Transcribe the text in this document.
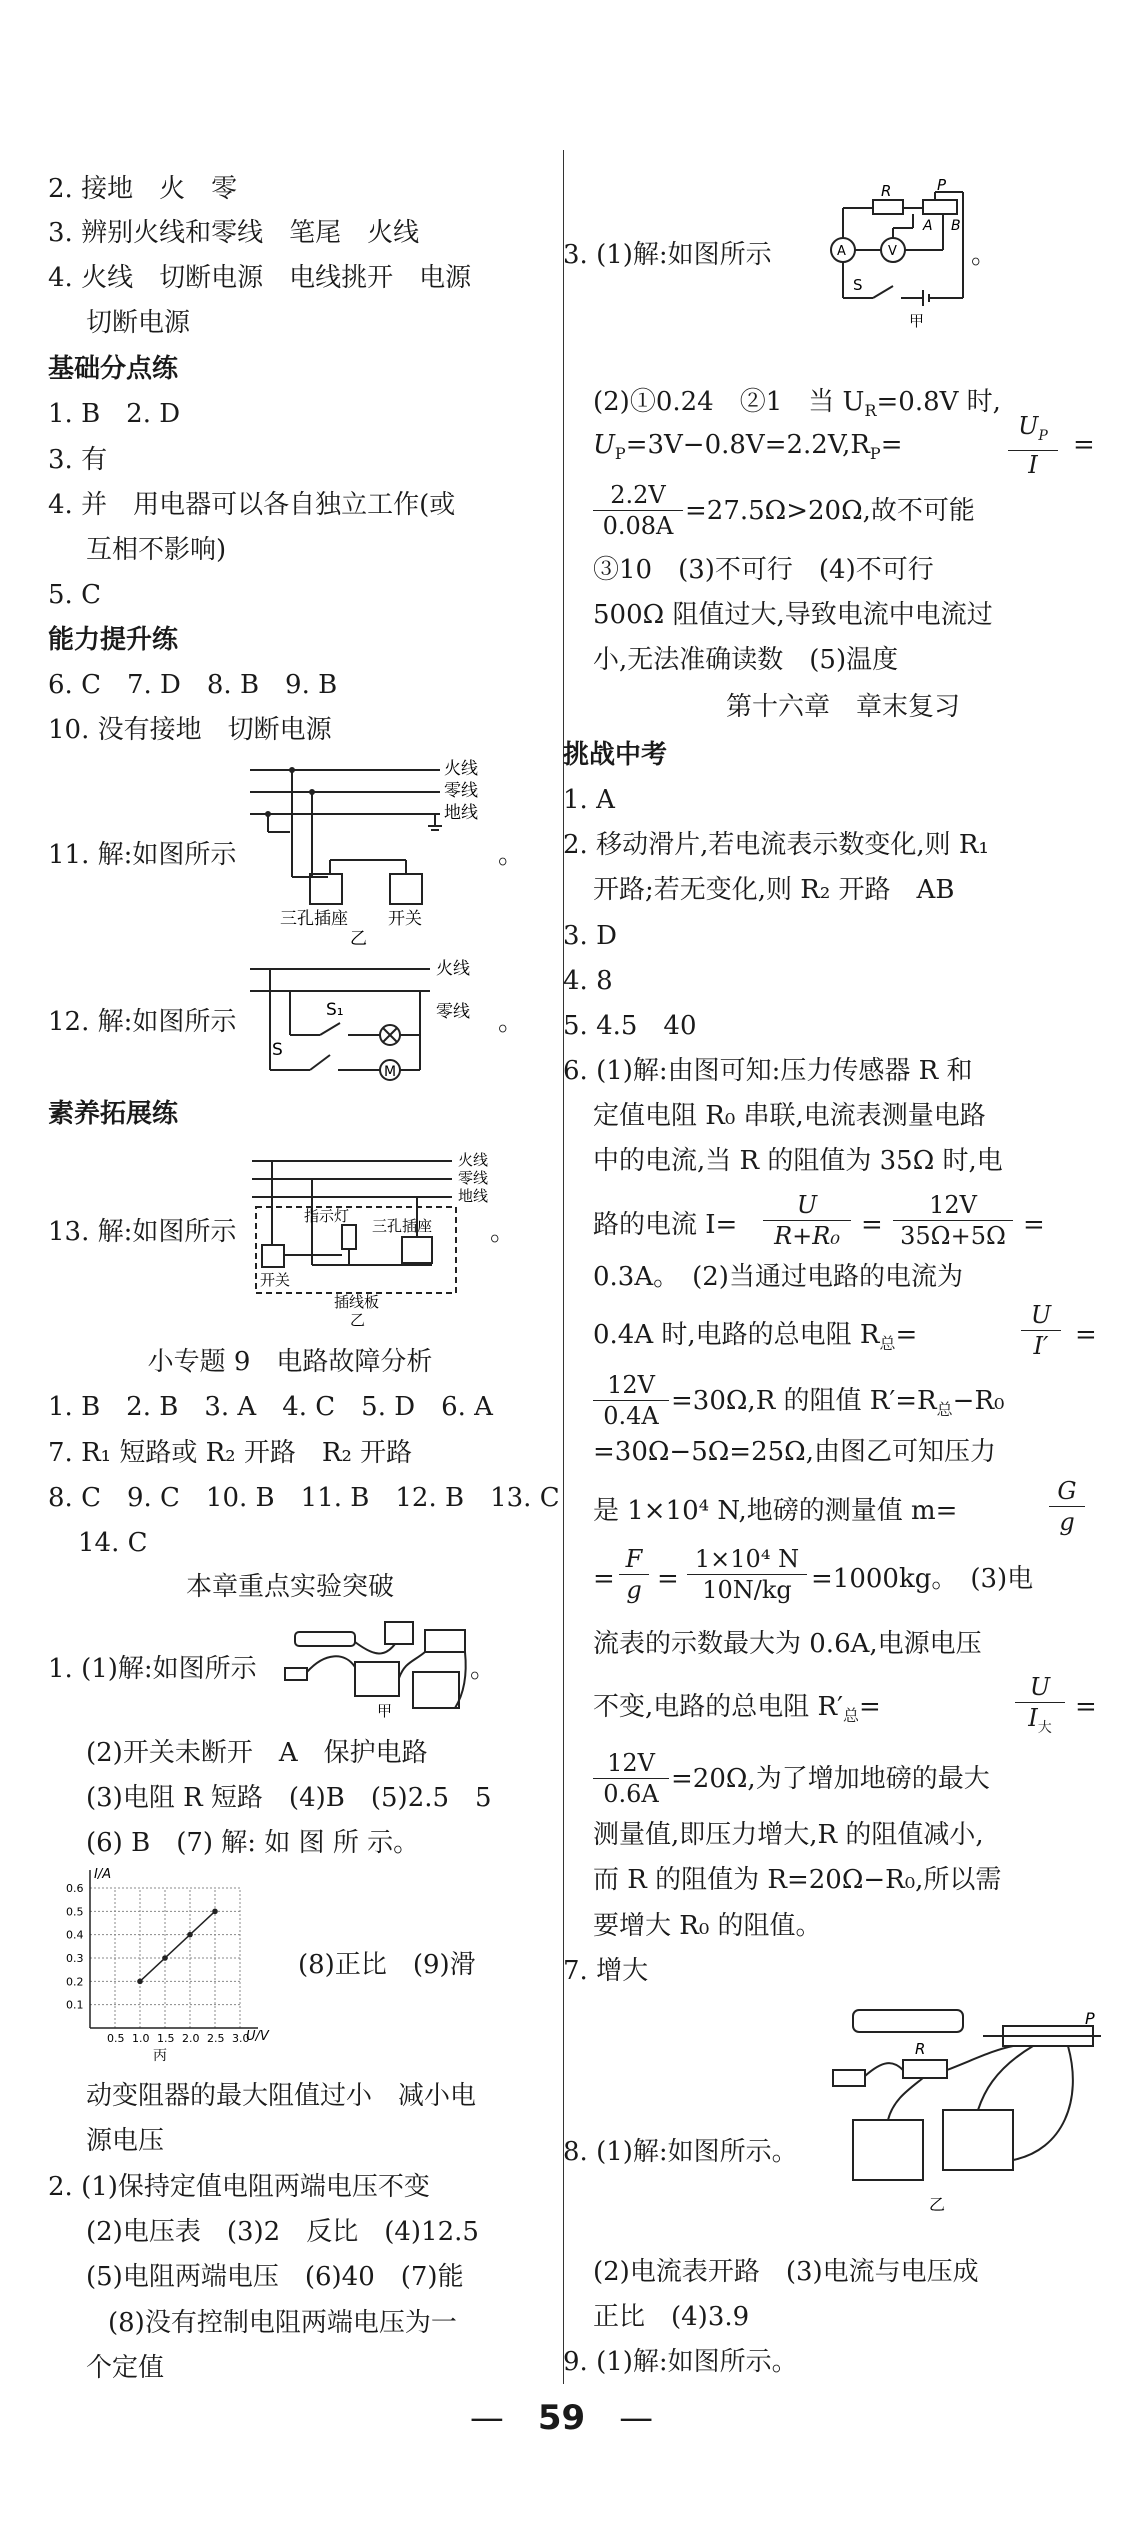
2. 接地　火　零
3. 辨别火线和零线　笔尾　火线
4. 火线　切断电源　电线挑开　电源
切断电源
基础分点练
1. B　2. D
3. 有
4. 并　用电器可以各自独立工作(或
互相不影响)
5. C
能力提升练
6. C　7. D　8. B　9. B
10. 没有接地　切断电源
11. 解:如图所示	。
火线
零线
地线
三孔插座 开关
乙
12. 解:如图所示	。
M
火线
零线
S
S₁
素养拓展练
13. 解:如图所示	。
火线
零线
地线
指示灯
三孔插座
开关
插线板
乙
小专题 9　电路故障分析
1. B　2. B　3. A　4. C　5. D　6. A
7. R₁ 短路或 R₂ 开路　R₂ 开路
8. C　9. C　10. B　11. B　12. B　13. C
14. C
本章重点实验突破
1. (1)解:如图所示	。
甲
(2)开关未断开　A　保护电路
(3)电阻 R 短路　(4)B　(5)2.5　5
(6) B　(7) 解: 如 图 所 示。
0.5 1.0 1.5 2.0 2.5 3.0
0.1
0.2
0.3
0.4
0.5
0.6
U/V
I/A
丙
(8)正比　(9)滑
动变阻器的最大阻值过小　减小电
源电压
2. (1)保持定值电阻两端电压不变
(2)电压表　(3)2　反比　(4)12.5
(5)电阻两端电压　(6)40　(7)能
(8)没有控制电阻两端电压为一
个定值
3. (1)解:如图所示	。
A	V
R	P
A B
S
甲
(2)①0.24　②1　当 $U_R=0.8V$ 时,
$U_P=3V-0.8V=2.2V,R_P=$
$U_P$
I
=
2.2V
0.08A =27.5Ω>20Ω,故不可能
③10　(3)不可行　(4)不可行
500Ω 阻值过大,导致电流中电流过
小,无法准确读数　(5)温度
第十六章　章末复习
挑战中考
1. A
2. 移动滑片,若电流表示数变化,则 R₁
开路;若无变化,则 R₂ 开路　AB
3. D
4. 8
5. 4.5　40
6. (1)解:由图可知:压力传感器 R 和
定值电阻 R₀ 串联,电流表测量电路
中的电流,当 R 的阻值为 35Ω 时,电
路的电流 I=
U
R+R₀ =
12V
35Ω+5Ω =
0.3A。　(2)当通过电路的电流为
0.4A 时,电路的总电阻 $R_总=$
U
I′	=
12V
0.4A =30Ω,R 的阻值 $R'=R_总-R_0$
=30Ω−5Ω=25Ω,由图乙可知压力
是 1×10⁴ N,地磅的测量值 m=
G
g
=
F
g =
1×10⁴ N
10N/kg =1000kg。　(3)电
流表的示数最大为 0.6A,电源电压
不变,电路的总电阻 $R'_总=$
U
$I_大$
=
12V
0.6A =20Ω,为了增加地磅的最大
测量值,即压力增大,R 的阻值减小,
而 R 的阻值为 R=20Ω−R₀,所以需
要增大 R₀ 的阻值。
7. 增大
P
R
乙
8. (1)解:如图所示。
(2)电流表开路　(3)电流与电压成
正比　(4)3.9
9. (1)解:如图所示。
—　59　—
